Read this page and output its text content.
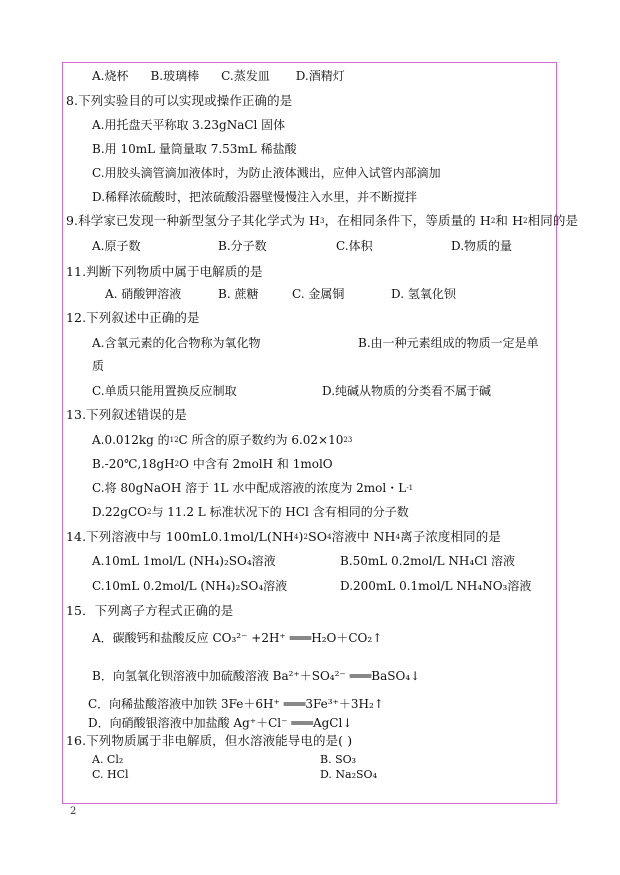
A.烧杯 B.玻璃棒 C.蒸发皿 D.酒精灯
8.下列实验目的可以实现或操作正确的是
A.用托盘天平称取 3.23gNaCl 固体
B.用 10mL 量筒量取 7.53mL 稀盐酸
C.用胶头滴管滴加液体时，为防止液体溅出，应伸入试管内部滴加
D.稀释浓硫酸时，把浓硫酸沿器壁慢慢注入水里，并不断搅拌
9.科学家已发现一种新型氢分子其化学式为 H 3 ，在相同条件下，等质量的 H 2 和 H 2 相同的是
A.原子数	B.分子数	C.体积	D.物质的量
11.判断下列物质中属于电解质的是
A. 硝酸钾溶液	B. 蔗糖	C. 金属铜	D. 氢氧化钡
12.下列叙述中正确的是
A.含氧元素的化合物称为氧化物	B.由一种元素组成的物质一定是单
质
C.单质只能用置换反应制取	D.纯碱从物质的分类看不属于碱
13.下列叙述错误的是
A.0.012kg 的 12 C 所含的原子数约为 6.02×10 23
B.-20℃,18gH 2 O 中含有 2molH 和 1molO
C.将 80gNaOH 溶于 1L 水中配成溶液的浓度为 2mol・L -1
D.22gCO 2 与 11.2 L 标准状况下的 HCl 含有相同的分子数
14.下列溶液中与 100mL0.1mol/L(NH 4 ) 2 SO 4 溶液中 NH 4 离子浓度相同的是
A.10mL 1mol/L (NH₄)₂SO₄溶液	B.50mL 0.2mol/L NH₄Cl 溶液
C.10mL 0.2mol/L (NH₄)₂SO₄溶液	D.200mL 0.1mol/L NH₄NO₃溶液
15．下列离子方程式正确的是
A．碳酸钙和盐酸反应 CO₃²⁻ +2H⁺ ═══H₂O＋CO₂↑
B．向氢氧化钡溶液中加硫酸溶液 Ba²⁺＋SO₄²⁻ ═══BaSO₄↓
C．向稀盐酸溶液中加铁 3Fe＋6H⁺ ═══3Fe³⁺＋3H₂↑
D．向硝酸银溶液中加盐酸 Ag⁺＋Cl⁻ ═══AgCl↓
16.下列物质属于非电解质，但水溶液能导电的是( )
A. Cl₂	B. SO₃
C. HCl	D. Na₂SO₄
2
